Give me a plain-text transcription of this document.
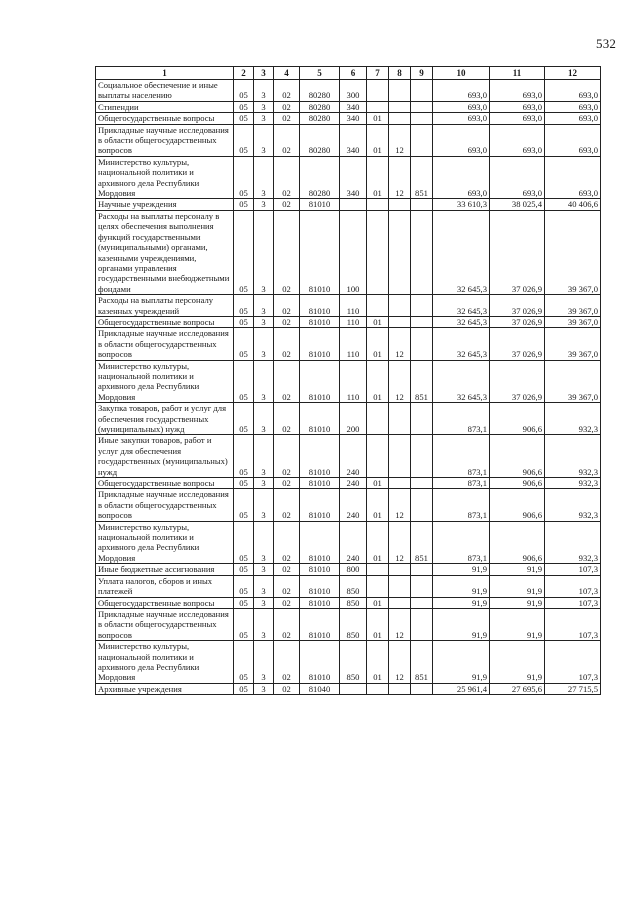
532
1	2	3	4	5	6	7	8	9	10	11	12
Социальное обеспечение и иные выплаты населению	05	3	02	80280	300				693,0	693,0	693,0
Стипендии	05	3	02	80280	340				693,0	693,0	693,0
Общегосударственные вопросы	05	3	02	80280	340	01			693,0	693,0	693,0
Прикладные научные исследования в области общегосударственных вопросов	05	3	02	80280	340	01	12		693,0	693,0	693,0
Министерство культуры, национальной политики и архивного дела Республики Мордовия	05	3	02	80280	340	01	12	851	693,0	693,0	693,0
Научные учреждения	05	3	02	81010					33 610,3	38 025,4	40 406,6
Расходы на выплаты персоналу в целях обеспечения выполнения функций государственными (муниципальными) органами, казенными учреждениями, органами управления государственными внебюджетными фондами	05	3	02	81010	100				32 645,3	37 026,9	39 367,0
Расходы на выплаты персоналу казенных учреждений	05	3	02	81010	110				32 645,3	37 026,9	39 367,0
Общегосударственные вопросы	05	3	02	81010	110	01			32 645,3	37 026,9	39 367,0
Прикладные научные исследования в области общегосударственных вопросов	05	3	02	81010	110	01	12		32 645,3	37 026,9	39 367,0
Министерство культуры, национальной политики и архивного дела Республики Мордовия	05	3	02	81010	110	01	12	851	32 645,3	37 026,9	39 367,0
Закупка товаров, работ и услуг для обеспечения государственных (муниципальных) нужд	05	3	02	81010	200				873,1	906,6	932,3
Иные закупки товаров, работ и услуг для обеспечения государственных (муниципальных) нужд	05	3	02	81010	240				873,1	906,6	932,3
Общегосударственные вопросы	05	3	02	81010	240	01			873,1	906,6	932,3
Прикладные научные исследования в области общегосударственных вопросов	05	3	02	81010	240	01	12		873,1	906,6	932,3
Министерство культуры, национальной политики и архивного дела Республики Мордовия	05	3	02	81010	240	01	12	851	873,1	906,6	932,3
Иные бюджетные ассигнования	05	3	02	81010	800				91,9	91,9	107,3
Уплата налогов, сборов и иных платежей	05	3	02	81010	850				91,9	91,9	107,3
Общегосударственные вопросы	05	3	02	81010	850	01			91,9	91,9	107,3
Прикладные научные исследования в области общегосударственных вопросов	05	3	02	81010	850	01	12		91,9	91,9	107,3
Министерство культуры, национальной политики и архивного дела Республики Мордовия	05	3	02	81010	850	01	12	851	91,9	91,9	107,3
Архивные учреждения	05	3	02	81040					25 961,4	27 695,6	27 715,5
